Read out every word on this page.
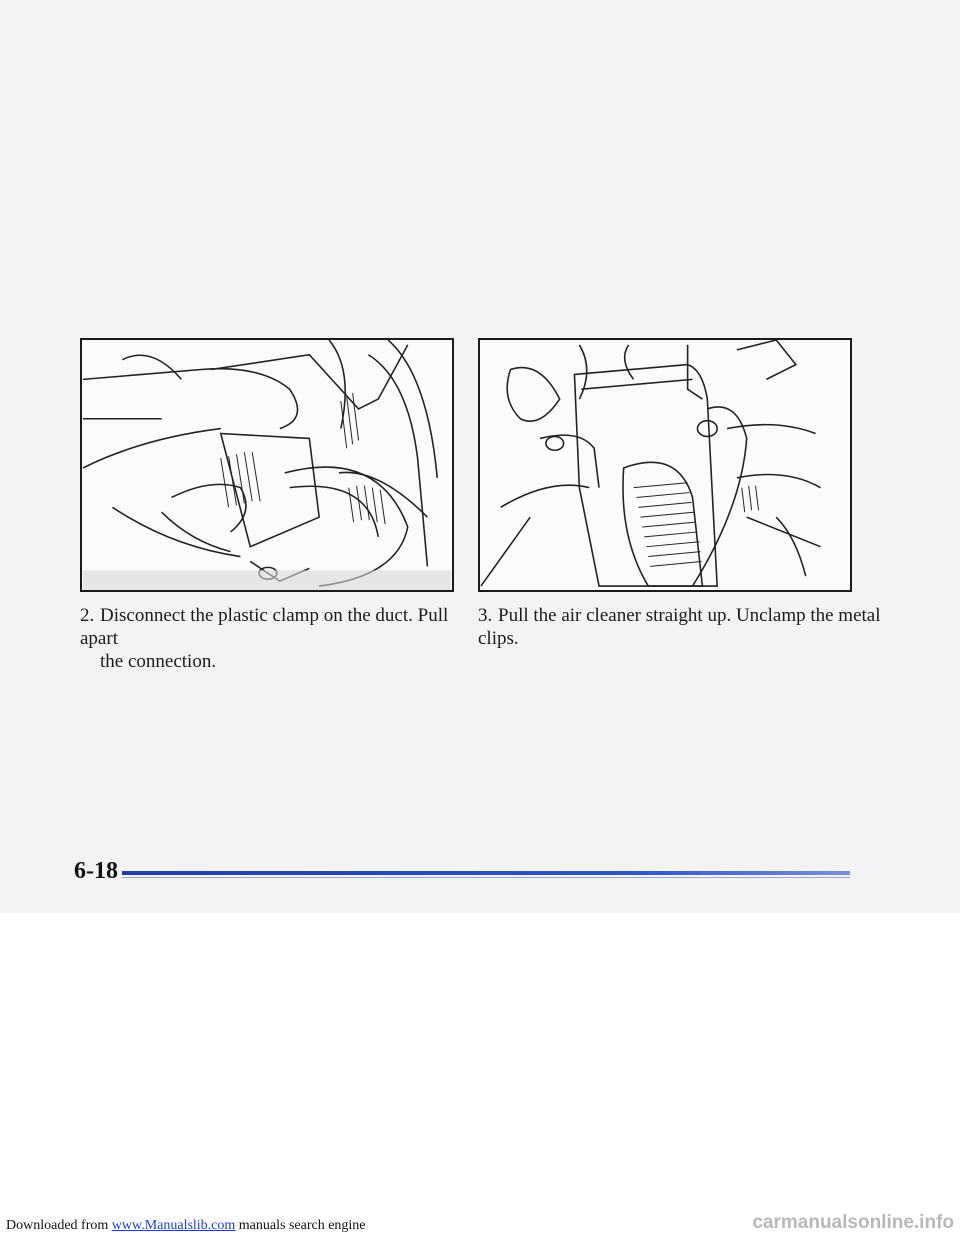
2. Disconnect the plastic clamp on the duct. Pull apart
the connection.
3. Pull the air cleaner straight up. Unclamp the metal clips.
6-18
Downloaded from www.Manualslib.com manuals search engine	carmanualsonline.info
